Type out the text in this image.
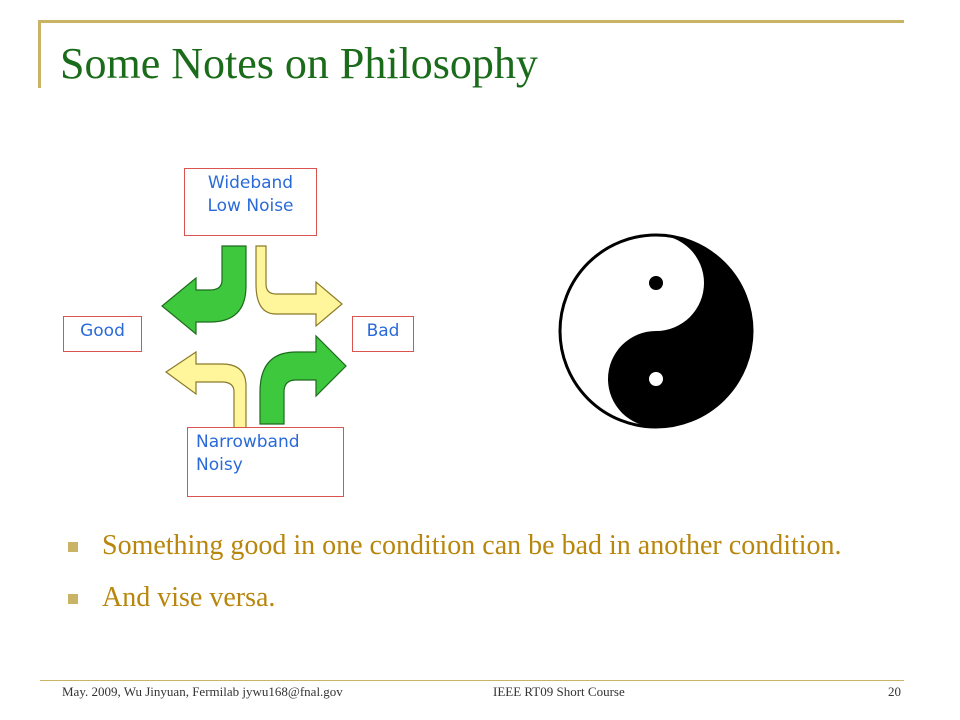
Some Notes on Philosophy
Wideband
Low Noise
Good	Bad
Narrowband
Noisy
Something good in one condition can be bad in another condition.
And vise versa.
May. 2009, Wu Jinyuan, Fermilab jywu168@fnal.gov	IEEE RT09 Short Course	20
